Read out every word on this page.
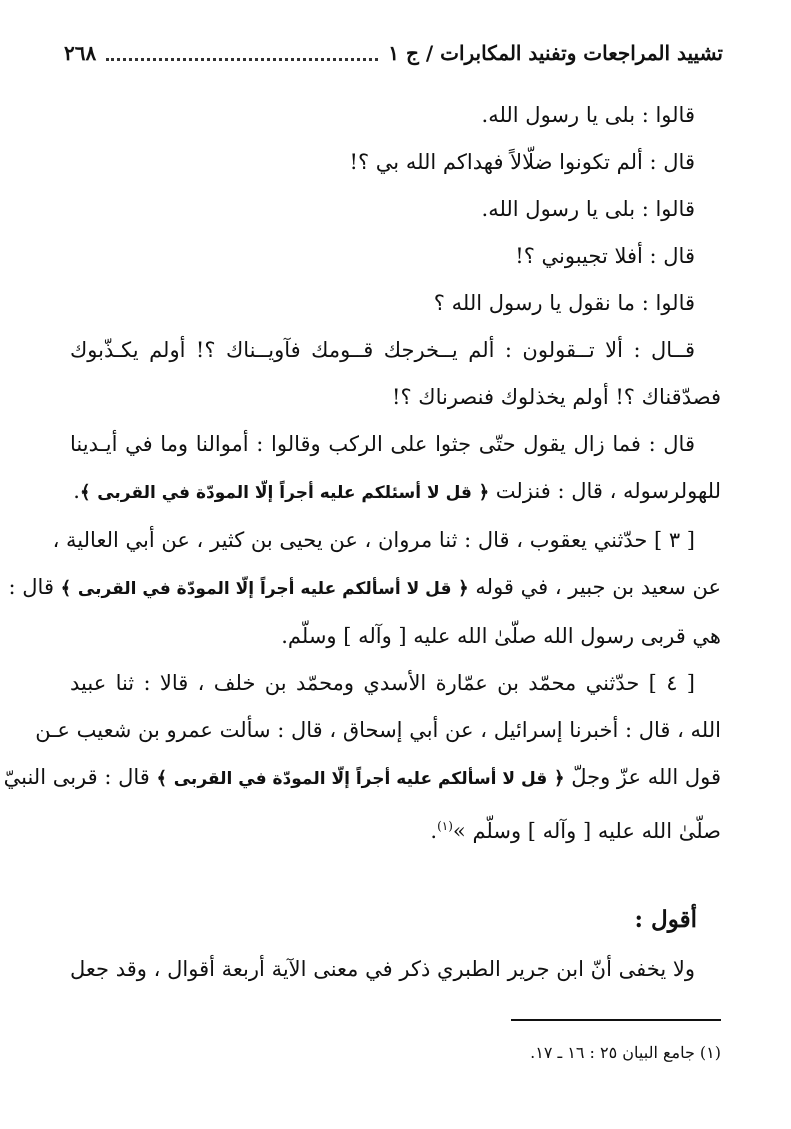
تشييد المراجعات وتفنيد المكابرات / ج ١
٢٦٨
قالوا : بلى يا رسول الله.
قال : ألم تكونوا ضلّالاً فهداكم الله بي ؟!
قالوا : بلى يا رسول الله.
قال : أفلا تجيبوني ؟!
قالوا : ما نقول يا رسول الله ؟
قــال : ألا تــقولون : ألم يــخرجك قــومك فآويــناك ؟! أولم يكـذّبوك
فصدّقناك ؟! أولم يخذلوك فنصرناك ؟!
قال : فما زال يقول حتّى جثوا على الركب وقالوا : أموالنا وما في أيـدينا
للهولرسوله ، قال : فنزلت ﴿ قل لا أسئلكم عليه أجراً إلّا المودّة في القربى ﴾.
[ ٣ ] حدّثني يعقوب ، قال : ثنا مروان ، عن يحيى بن كثير ، عن أبي العالية ،
عن سعيد بن جبير ، في قوله ﴿ قل لا أسألكم عليه أجراً إلّا المودّة في القربى ﴾ قال :
هي قربى رسول الله صلّىٰ الله عليه [ وآله ] وسلّم.
[ ٤ ] حدّثني محمّد بن عمّارة الأسدي ومحمّد بن خلف ، قالا : ثنا عبيد
الله ، قال : أخبرنا إسرائيل ، عن أبي إسحاق ، قال : سألت عمرو بن شعيب عـن
قول الله عزّ وجلّ ﴿ قل لا أسألكم عليه أجراً إلّا المودّة في القربى ﴾ قال : قربى النبيّ
صلّىٰ الله عليه [ وآله ] وسلّم »$^{(١)}$.
أقول :
ولا يخفى أنّ ابن جرير الطبري ذكر في معنى الآية أربعة أقوال ، وقد جعل
(١) جامع البيان ٢٥ : ١٦ ـ ١٧.
